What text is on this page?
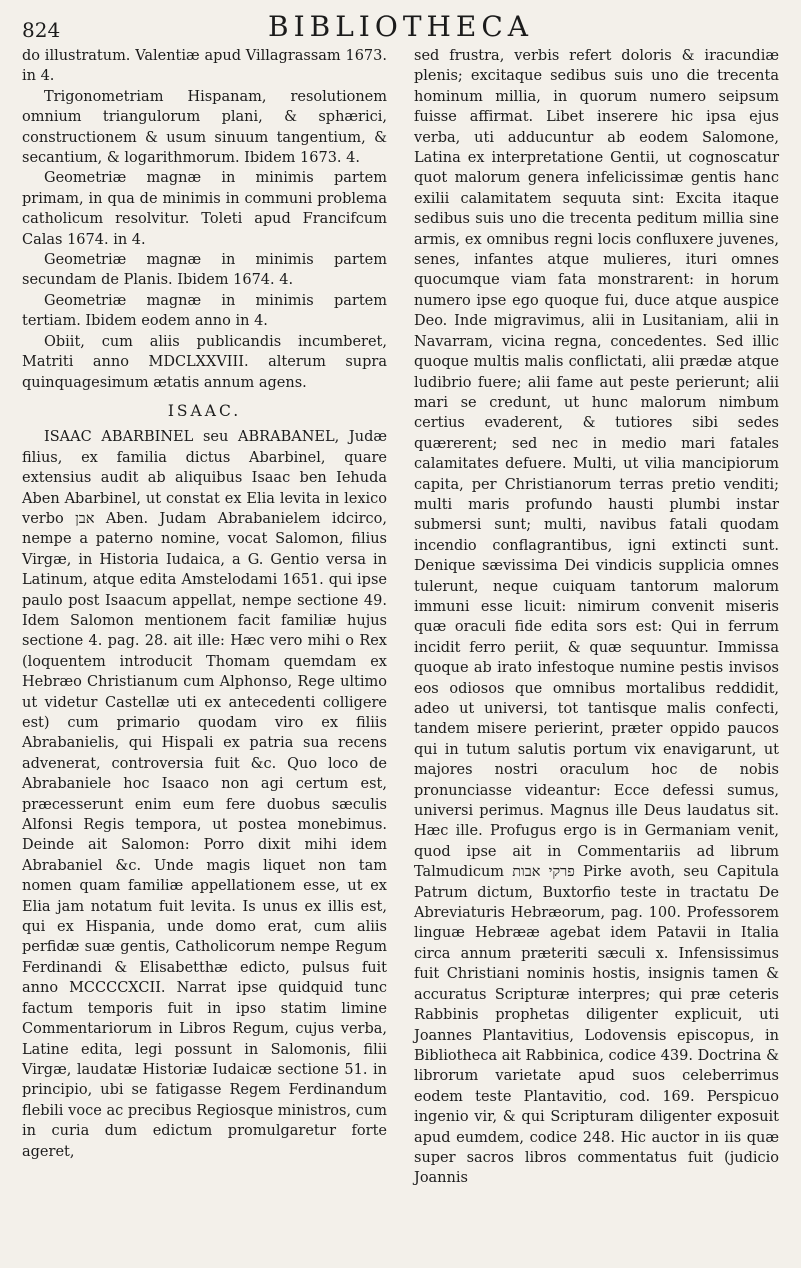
824	BIBLIOTHECA

do illustratum. Valentiæ apud Villagrassam 1673. in 4.

Trigonometriam Hispanam, resolutionem omnium triangulorum plani, & sphærici, constructionem & usum sinuum tangentium, & secantium, & logarithmorum. Ibidem 1673. 4.

Geometriæ magnæ in minimis partem primam, in qua de minimis in communi problema catholicum resolvitur. Toleti apud Francifcum Calas 1674. in 4.

Geometriæ magnæ in minimis partem secundam de Planis. Ibidem 1674. 4.

Geometriæ magnæ in minimis partem tertiam. Ibidem eodem anno in 4.

Obiit, cum aliis publicandis incumberet, Matriti anno MDCLXXVIII. alterum supra quinquagesimum ætatis annum agens.

ISAAC.

ISAAC ABARBINEL seu ABRABANEL, Judæ filius, ex familia dictus Abarbinel, quare extensius audit ab aliquibus Isaac ben Iehuda Aben Abarbinel, ut constat ex Elia levita in lexico verbo אבן Aben. Judam Abrabanielem idcirco, nempe a paterno nomine, vocat Salomon, filius Virgæ, in Historia Iudaica, a G. Gentio versa in Latinum, atque edita Amstelodami 1651. qui ipse paulo post Isaacum appellat, nempe sectione 49. Idem Salomon mentionem facit familiæ hujus sectione 4. pag. 28. ait ille: Hæc vero mihi o Rex (loquentem introducit Thomam quemdam ex Hebræo Christianum cum Alphonso, Rege ultimo ut videtur Castellæ uti ex antecedenti colligere est) cum primario quodam viro ex filiis Abrabanielis, qui Hispali ex patria sua recens advenerat, controversia fuit &c. Quo loco de Abrabaniele hoc Isaaco non agi certum est, præcesserunt enim eum fere duobus sæculis Alfonsi Regis tempora, ut postea monebimus. Deinde ait Salomon: Porro dixit mihi idem Abrabaniel &c. Unde magis liquet non tam nomen quam familiæ appellationem esse, ut ex Elia jam notatum fuit levita. Is unus ex illis est, qui ex Hispania, unde domo erat, cum aliis perfidæ suæ gentis, Catholicorum nempe Regum Ferdinandi & Elisabetthæ edicto, pulsus fuit anno MCCCCXCII. Narrat ipse quidquid tunc factum temporis fuit in ipso statim limine Commentariorum in Libros Regum, cujus verba, Latine edita, legi possunt in Salomonis, filii Virgæ, laudatæ Historiæ Iudaicæ sectione 51. in principio, ubi se fatigasse Regem Ferdinandum flebili voce ac precibus Regiosque ministros, cum in curia dum edictum promulgaretur forte ageret,

sed frustra, verbis refert doloris & iracundiæ plenis; excitaque sedibus suis uno die trecenta hominum millia, in quorum numero seipsum fuisse affirmat. Libet inserere hic ipsa ejus verba, uti adducuntur ab eodem Salomone, Latina ex interpretatione Gentii, ut cognoscatur quot malorum genera infelicissimæ gentis hanc exilii calamitatem sequuta sint: Excita itaque sedibus suis uno die trecenta peditum millia sine armis, ex omnibus regni locis confluxere juvenes, senes, infantes atque mulieres, ituri omnes quocumque viam fata monstrarent: in horum numero ipse ego quoque fui, duce atque auspice Deo. Inde migravimus, alii in Lusitaniam, alii in Navarram, vicina regna, concedentes. Sed illic quoque multis malis conflictati, alii prædæ atque ludibrio fuere; alii fame aut peste perierunt; alii mari se credunt, ut hunc malorum nimbum certius evaderent, & tutiores sibi sedes quærerent; sed nec in medio mari fatales calamitates defuere. Multi, ut vilia mancipiorum capita, per Christianorum terras pretio venditi; multi maris profundo hausti plumbi instar submersi sunt; multi, navibus fatali quodam incendio conflagrantibus, igni extincti sunt. Denique sævissima Dei vindicis supplicia omnes tulerunt, neque cuiquam tantorum malorum immuni esse licuit: nimirum convenit miseris quæ oraculi fide edita sors est: Qui in ferrum incidit ferro periit, & quæ sequuntur. Immissa quoque ab irato infestoque numine pestis invisos eos odiosos que omnibus mortalibus reddidit, adeo ut universi, tot tantisque malis confecti, tandem misere perierint, præter oppido paucos qui in tutum salutis portum vix enavigarunt, ut majores nostri oraculum hoc de nobis pronunciasse videantur: Ecce defessi sumus, universi perimus. Magnus ille Deus laudatus sit. Hæc ille. Profugus ergo is in Germaniam venit, quod ipse ait in Commentariis ad librum Talmudicum פרקי אבות Pirke avoth, seu Capitula Patrum dictum, Buxtorfio teste in tractatu De Abreviaturis Hebræorum, pag. 100. Professorem linguæ Hebrææ agebat idem Patavii in Italia circa annum præteriti sæculi x. Infensissimus fuit Christiani nominis hostis, insignis tamen & accuratus Scripturæ interpres; qui præ ceteris Rabbinis prophetas diligenter explicuit, uti Joannes Plantavitius, Lodovensis episcopus, in Bibliotheca ait Rabbinica, codice 439. Doctrina & librorum varietate apud suos celeberrimus eodem teste Plantavitio, cod. 169. Perspicuo ingenio vir, & qui Scripturam diligenter exposuit apud eumdem, codice 248. Hic auctor in iis quæ super sacros libros commentatus fuit (judicio Joannis
